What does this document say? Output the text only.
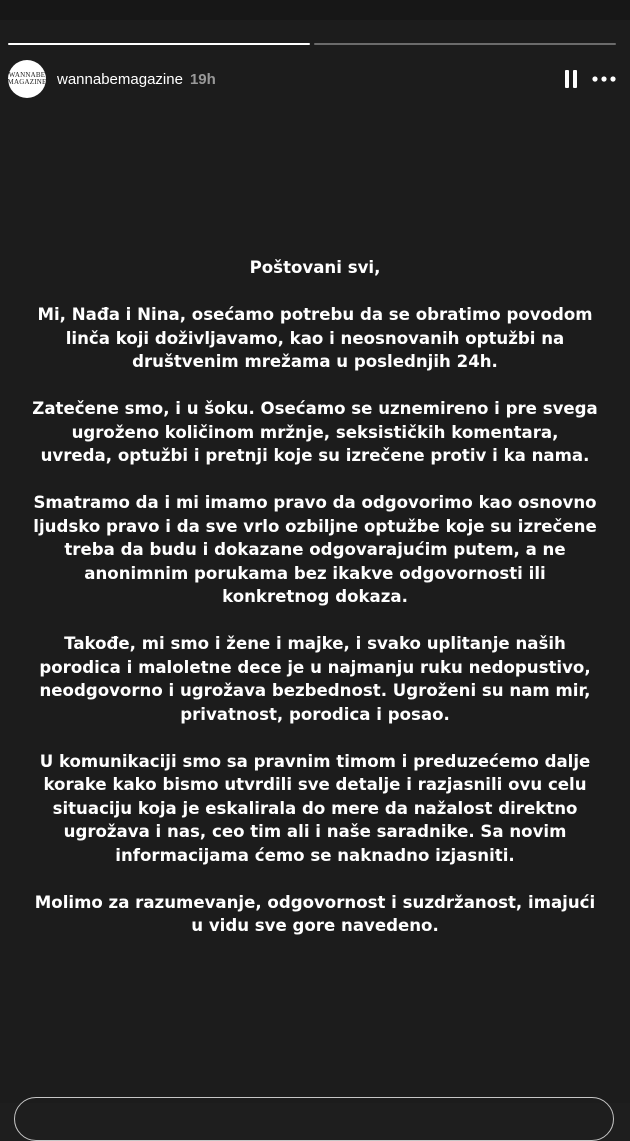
WANNABE
MAGAZINE wannabemagazine 19h

Poštovani svi,

Mi, Nađa i Nina, osećamo potrebu da se obratimo povodom
linča koji doživljavamo, kao i neosnovanih optužbi na
društvenim mrežama u poslednjih 24h.

Zatečene smo, i u šoku. Osećamo se uznemireno i pre svega
ugroženo količinom mržnje, seksističkih komentara,
uvreda, optužbi i pretnji koje su izrečene protiv i ka nama.

Smatramo da i mi imamo pravo da odgovorimo kao osnovno
ljudsko pravo i da sve vrlo ozbiljne optužbe koje su izrečene
treba da budu i dokazane odgovarajućim putem, a ne
anonimnim porukama bez ikakve odgovornosti ili
konkretnog dokaza.

Takođe, mi smo i žene i majke, i svako uplitanje naših
porodica i maloletne dece je u najmanju ruku nedopustivo,
neodgovorno i ugrožava bezbednost. Ugroženi su nam mir,
privatnost, porodica i posao.

U komunikaciji smo sa pravnim timom i preduzećemo dalje
korake kako bismo utvrdili sve detalje i razjasnili ovu celu
situaciju koja je eskalirala do mere da nažalost direktno
ugrožava i nas, ceo tim ali i naše saradnike. Sa novim
informacijama ćemo se naknadno izjasniti.

Molimo za razumevanje, odgovornost i suzdržanost, imajući
u vidu sve gore navedeno.
